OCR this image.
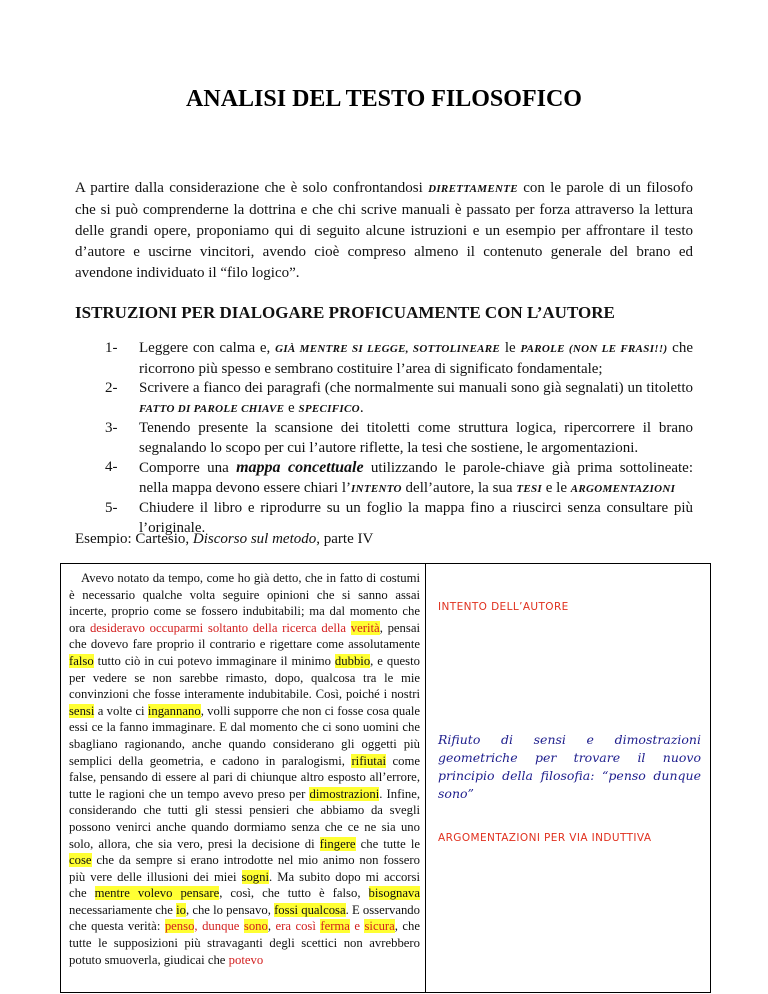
ANALISI DEL TESTO FILOSOFICO

A partire dalla considerazione che è solo confrontandosi DIRETTAMENTE con le parole di un filosofo che si può comprenderne la dottrina e che chi scrive manuali è passato per forza attraverso la lettura delle grandi opere, proponiamo qui di seguito alcune istruzioni e un esempio per affrontare il testo d’autore e uscirne vincitori, avendo cioè compreso almeno il contenuto generale del brano ed avendone individuato il “filo logico”.

ISTRUZIONI PER DIALOGARE PROFICUAMENTE CON L’AUTORE
1- Leggere con calma e, GIÀ MENTRE SI LEGGE, SOTTOLINEARE le PAROLE (NON LE FRASI!!) che ricorrono più spesso e sembrano costituire l’area di significato fondamentale;
2- Scrivere a fianco dei paragrafi (che normalmente sui manuali sono già segnalati) un titoletto FATTO DI PAROLE CHIAVE e SPECIFICO.
3- Tenendo presente la scansione dei titoletti come struttura logica, ripercorrere il brano segnalando lo scopo per cui l’autore riflette, la tesi che sostiene, le argomentazioni.
4- Comporre una mappa concettuale utilizzando le parole-chiave già prima sottolineate: nella mappa devono essere chiari l’INTENTO dell’autore, la sua TESI e le ARGOMENTAZIONI
5- Chiudere il libro e riprodurre su un foglio la mappa fino a riuscirci senza consultare più l’originale.

Esempio: Cartesio, Discorso sul metodo, parte IV

Avevo notato da tempo, come ho già detto, che in fatto di costumi è necessario qualche volta seguire opinioni che si sanno assai incerte, proprio come se fossero indubitabili; ma dal momento che ora desideravo occuparmi soltanto della ricerca della verità, pensai che dovevo fare proprio il contrario e rigettare come assolutamente falso tutto ciò in cui potevo immaginare il minimo dubbio, e questo per vedere se non sarebbe rimasto, dopo, qualcosa tra le mie convinzioni che fosse interamente indubitabile. Così, poiché i nostri sensi a volte ci ingannano, volli supporre che non ci fosse cosa quale essi ce la fanno immaginare. E dal momento che ci sono uomini che sbagliano ragionando, anche quando considerano gli oggetti più semplici della geometria, e cadono in paralogismi, rifiutai come false, pensando di essere al pari di chiunque altro esposto all’errore, tutte le ragioni che un tempo avevo preso per dimostrazioni. Infine, considerando che tutti gli stessi pensieri che abbiamo da svegli possono venirci anche quando dormiamo senza che ce ne sia uno solo, allora, che sia vero, presi la decisione di fingere che tutte le cose che da sempre si erano introdotte nel mio animo non fossero più vere delle illusioni dei miei sogni. Ma subito dopo mi accorsi che mentre volevo pensare, così, che tutto è falso, bisognava necessariamente che io, che lo pensavo, fossi qualcosa. E osservando che questa verità: penso, dunque sono, era così ferma e sicura, che tutte le supposizioni più stravaganti degli scettici non avrebbero potuto smuoverla, giudicai che potevo

INTENTO DELL’AUTORE

Rifiuto di sensi e dimostrazioni geometriche per trovare il nuovo principio della filosofia: “penso dunque sono”

ARGOMENTAZIONI PER VIA INDUTTIVA
